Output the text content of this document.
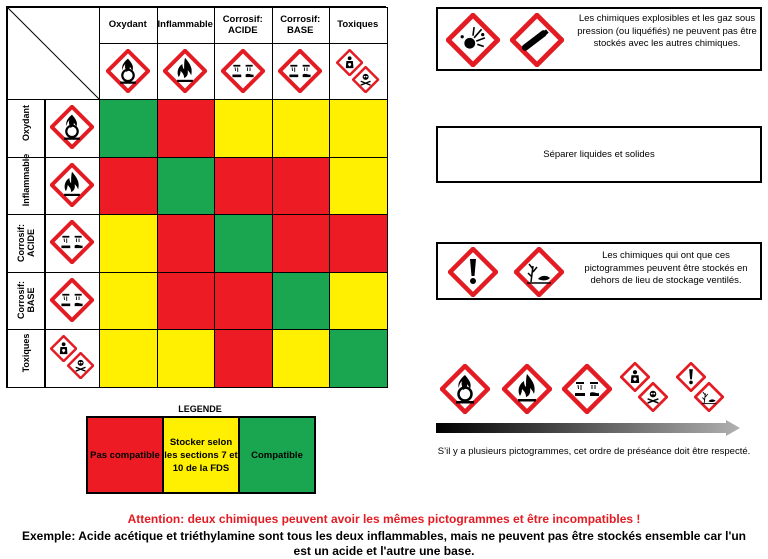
Oxydant	Inflammable	Corrosif:
ACIDE
Corrosif:
BASE
Toxiques
Oxydant
Inflammable
Corrosif: ACIDE
Corrosif: BASE
Toxiques
Les chimiques explosibles et les gaz sous pression (ou liquéfiés) ne peuvent pas être stockés avec les autres chimiques.
Séparer liquides et solides
Les chimiques qui ont que ces pictogrammes peuvent être stockés en dehors de lieu de stockage ventilés.
S’il y a plusieurs pictogrammes, cet ordre de préséance doit être respecté.
LEGENDE
Pas compatible
Stocker selon les sections 7 et 10 de la FDS
Compatible
Attention: deux chimiques peuvent avoir les mêmes pictogrammes et être incompatibles !
Exemple: Acide acétique et triéthylamine sont tous les deux inflammables, mais ne peuvent pas être stockés ensemble car l'un est un acide et l'autre une base.
